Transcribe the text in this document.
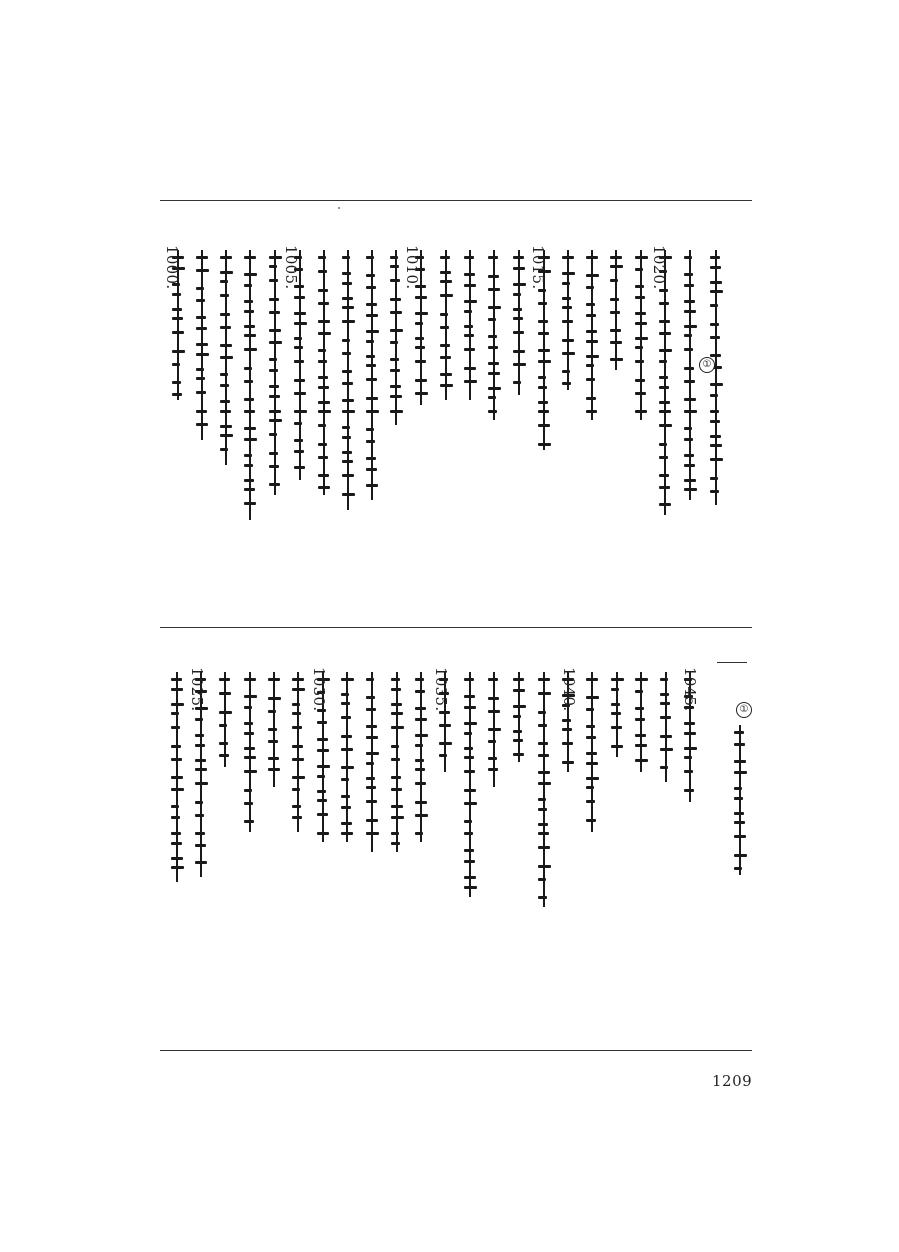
1000.	1005.	1010.	1015.	1020.
1025.	1030.	1035.	1040.	1045.	①
①
1209
